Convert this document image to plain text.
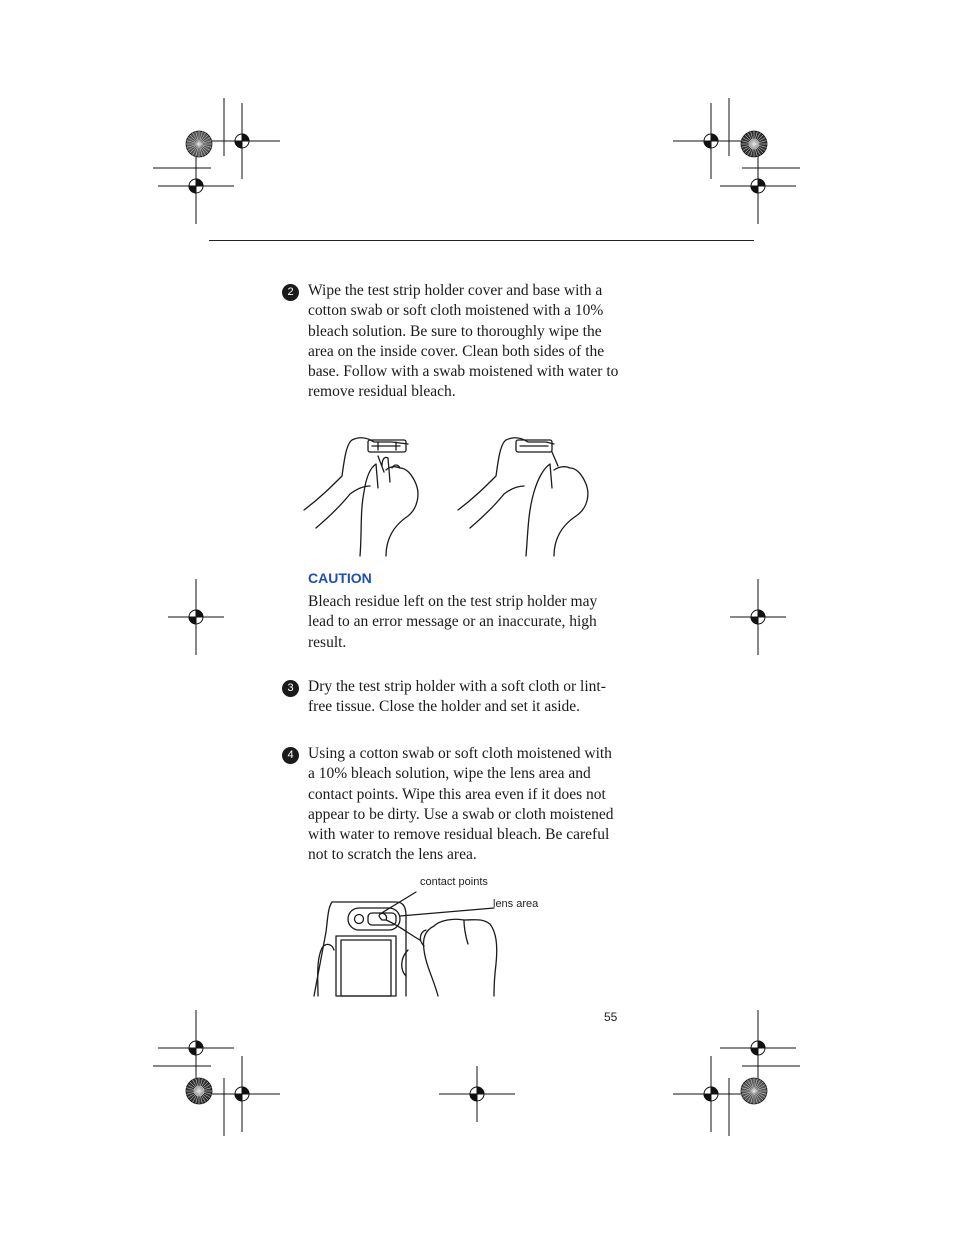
2 Wipe the test strip holder cover and base with a cotton swab or soft cloth moistened with a 10% bleach solution. Be sure to thoroughly wipe the area on the inside cover. Clean both sides of the base. Follow with a swab moistened with water to remove residual bleach.
CAUTION
Bleach residue left on the test strip holder may lead to an error message or an inaccurate, high result.
3 Dry the test strip holder with a soft cloth or lint-free tissue. Close the holder and set it aside.
4 Using a cotton swab or soft cloth moistened with a 10% bleach solution, wipe the lens area and contact points. Wipe this area even if it does not appear to be dirty. Use a swab or cloth moistened with water to remove residual bleach. Be careful not to scratch the lens area.
contact points
lens area
55
